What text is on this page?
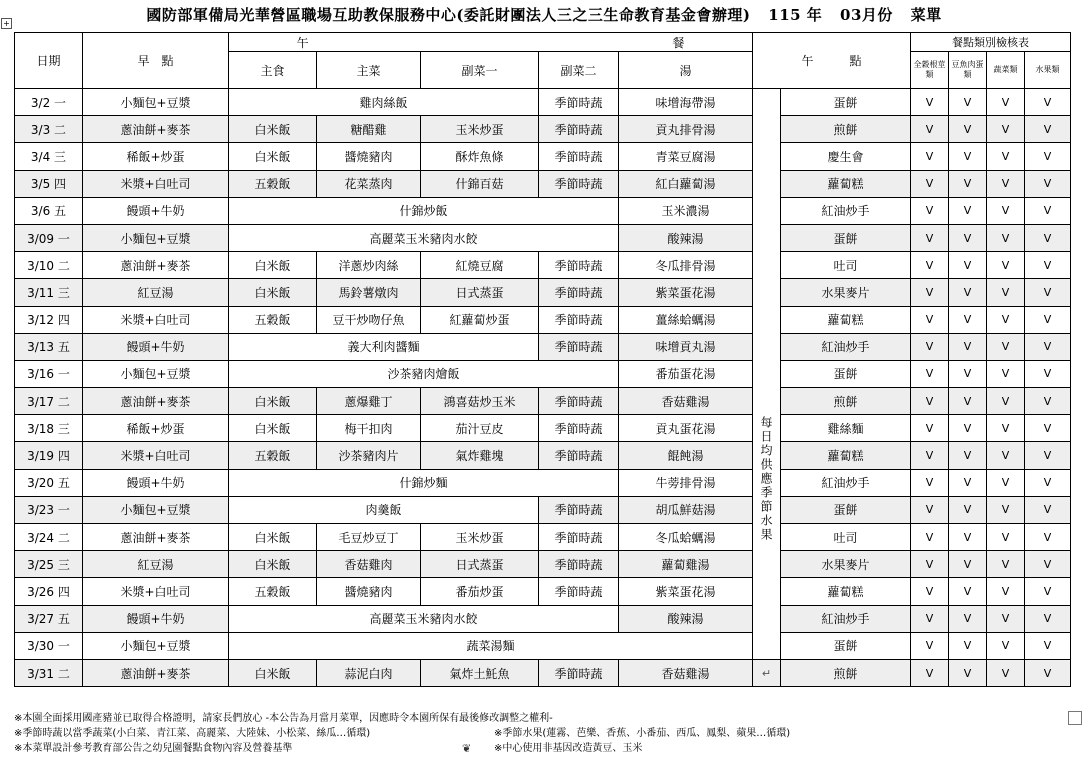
+	國防部軍備局光華營區職場互助教保服務中心(委託財團法人三之三生命教育基金會辦理) 115 年 03月份 菜單
日期	早　點	午 餐					午　　　點		餐點類別檢核表			
		主食	主菜	副菜一	副菜二	湯			全穀根莖類	豆魚肉蛋類	蔬菜類	水果類
3/2 一	小麵包+豆漿	雞肉絲飯			季節時蔬	味增海帶湯	每日均供應季節水果	蛋餅	V	V	V	V
3/3 二	蔥油餅+麥茶	白米飯	糖醋雞	玉米炒蛋	季節時蔬	貢丸排骨湯		煎餅	V	V	V	V
3/4 三	稀飯+炒蛋	白米飯	醬燒豬肉	酥炸魚條	季節時蔬	青菜豆腐湯		慶生會	V	V	V	V
3/5 四	米漿+白吐司	五穀飯	花菜蒸肉	什錦百菇	季節時蔬	紅白蘿蔔湯		蘿蔔糕	V	V	V	V
3/6 五	饅頭+牛奶	什錦炒飯				玉米濃湯		紅油炒手	V	V	V	V
3/09 一	小麵包+豆漿	高麗菜玉米豬肉水餃				酸辣湯		蛋餅	V	V	V	V
3/10 二	蔥油餅+麥茶	白米飯	洋蔥炒肉絲	紅燒豆腐	季節時蔬	冬瓜排骨湯		吐司	V	V	V	V
3/11 三	紅豆湯	白米飯	馬鈴薯燉肉	日式蒸蛋	季節時蔬	紫菜蛋花湯		水果麥片	V	V	V	V
3/12 四	米漿+白吐司	五穀飯	豆干炒吻仔魚	紅蘿蔔炒蛋	季節時蔬	薑絲蛤蠣湯		蘿蔔糕	V	V	V	V
3/13 五	饅頭+牛奶	義大利肉醬麵			季節時蔬	味增貢丸湯		紅油炒手	V	V	V	V
3/16 一	小麵包+豆漿	沙茶豬肉燴飯				番茄蛋花湯		蛋餅	V	V	V	V
3/17 二	蔥油餅+麥茶	白米飯	蔥爆雞丁	鴻喜菇炒玉米	季節時蔬	香菇雞湯		煎餅	V	V	V	V
3/18 三	稀飯+炒蛋	白米飯	梅干扣肉	茄汁豆皮	季節時蔬	貢丸蛋花湯		雞絲麵	V	V	V	V
3/19 四	米漿+白吐司	五穀飯	沙茶豬肉片	氣炸雞塊	季節時蔬	餛飩湯		蘿蔔糕	V	V	V	V
3/20 五	饅頭+牛奶	什錦炒麵				牛蒡排骨湯		紅油炒手	V	V	V	V
3/23 一	小麵包+豆漿	肉羹飯			季節時蔬	胡瓜鮮菇湯		蛋餅	V	V	V	V
3/24 二	蔥油餅+麥茶	白米飯	毛豆炒豆丁	玉米炒蛋	季節時蔬	冬瓜蛤蠣湯		吐司	V	V	V	V
3/25 三	紅豆湯	白米飯	香菇雞肉	日式蒸蛋	季節時蔬	蘿蔔雞湯		水果麥片	V	V	V	V
3/26 四	米漿+白吐司	五穀飯	醬燒豬肉	番茄炒蛋	季節時蔬	紫菜蛋花湯		蘿蔔糕	V	V	V	V
3/27 五	饅頭+牛奶	高麗菜玉米豬肉水餃				酸辣湯		紅油炒手	V	V	V	V
3/30 一	小麵包+豆漿	蔬菜湯麵						蛋餅	V	V	V	V
3/31 二	蔥油餅+麥茶	白米飯	蒜泥白肉	氣炸土魠魚	季節時蔬	香菇雞湯	↵	煎餅	V	V	V	V
※本園全面採用國產豬並已取得合格證明，請家長們放心 -本公告為月當月菜單，因應時令本園所保有最後修改調整之權利-
※季節時蔬以當季蔬菜(小白菜、青江菜、高麗菜、大陸妹、小松菜、絲瓜…循環)	※季節水果(蓮霧、芭樂、香蕉、小番茄、西瓜、鳳梨、蘋果…循環)
※本菜單設計參考教育部公告之幼兒園餐點食物內容及營養基準	※中心使用非基因改造黃豆、玉米
❦
